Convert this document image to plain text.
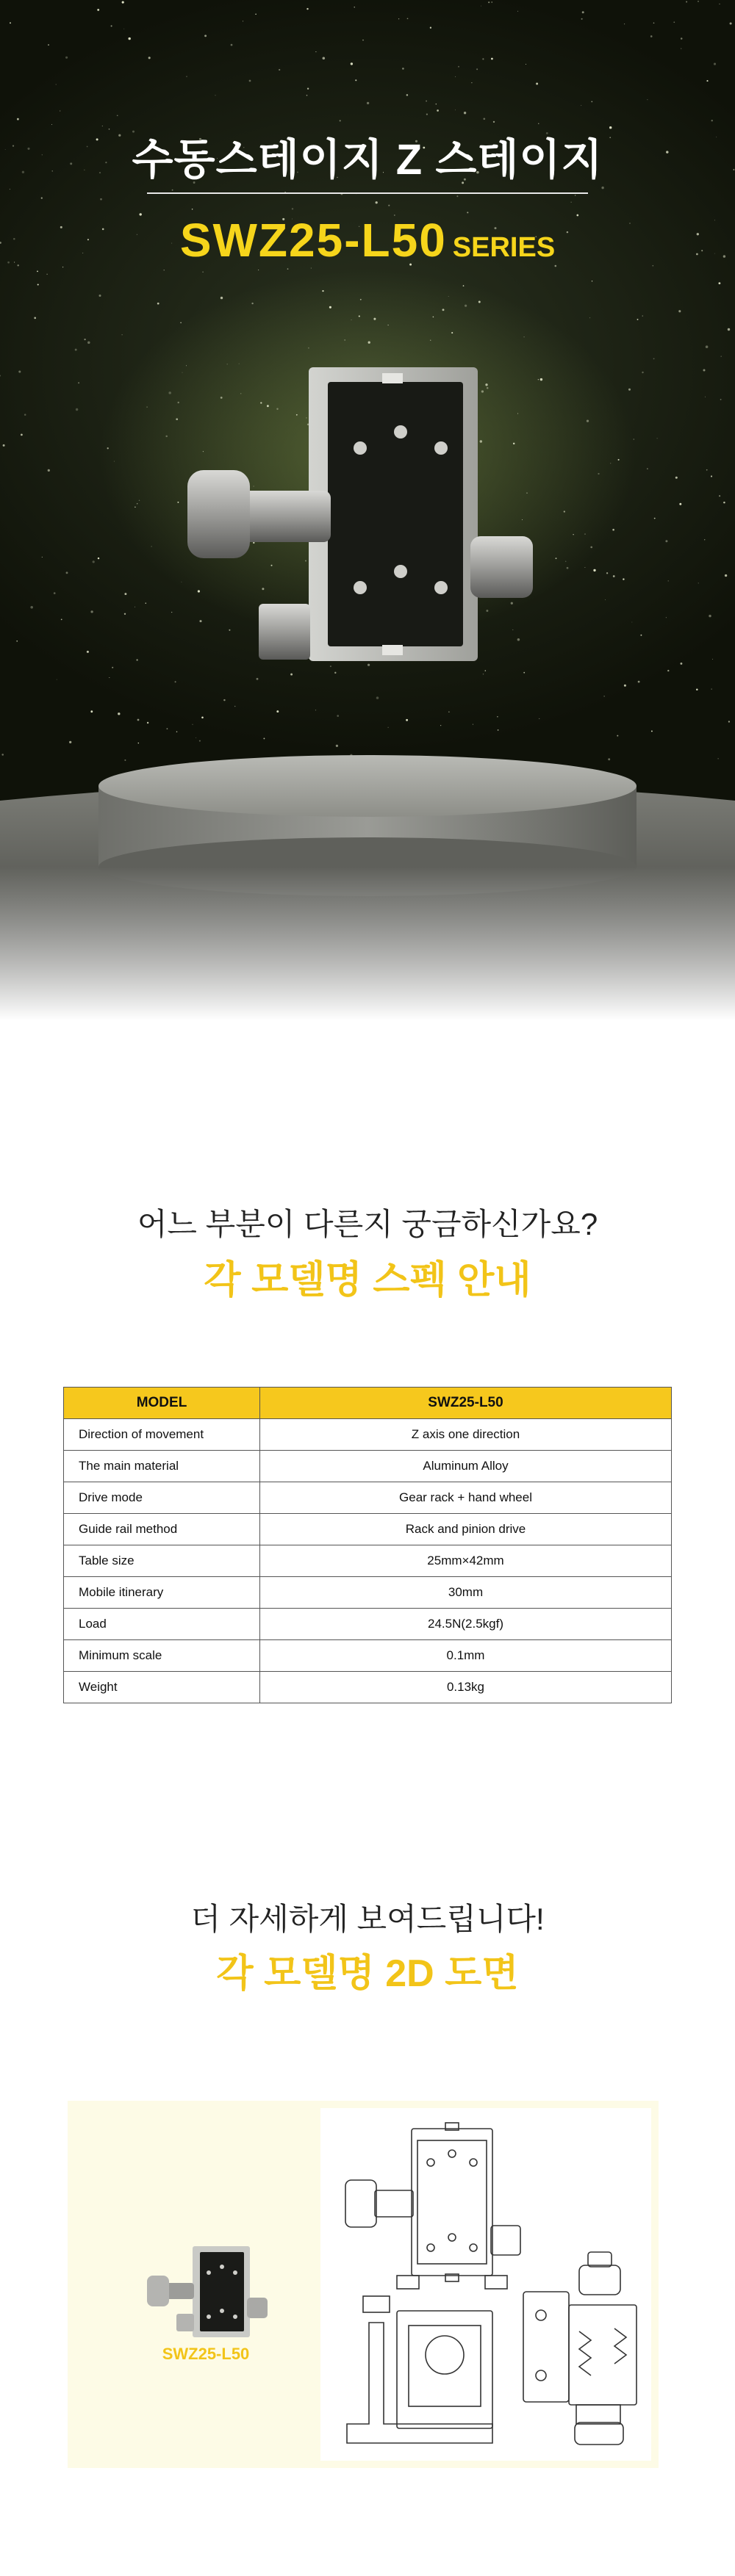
수동스테이지 Z 스테이지
SWZ25-L50 SERIES
어느 부분이 다른지 궁금하신가요?
각 모델명 스펙 안내
MODEL	SWZ25-L50
Direction of movement	Z axis one direction
The main material	Aluminum Alloy
Drive mode	Gear rack + hand wheel
Guide rail method	Rack and pinion drive
Table size	25mm×42mm
Mobile itinerary	30mm
Load	24.5N(2.5kgf)
Minimum scale	0.1mm
Weight	0.13kg
더 자세하게 보여드립니다!
각 모델명 2D 도면
SWZ25-L50
